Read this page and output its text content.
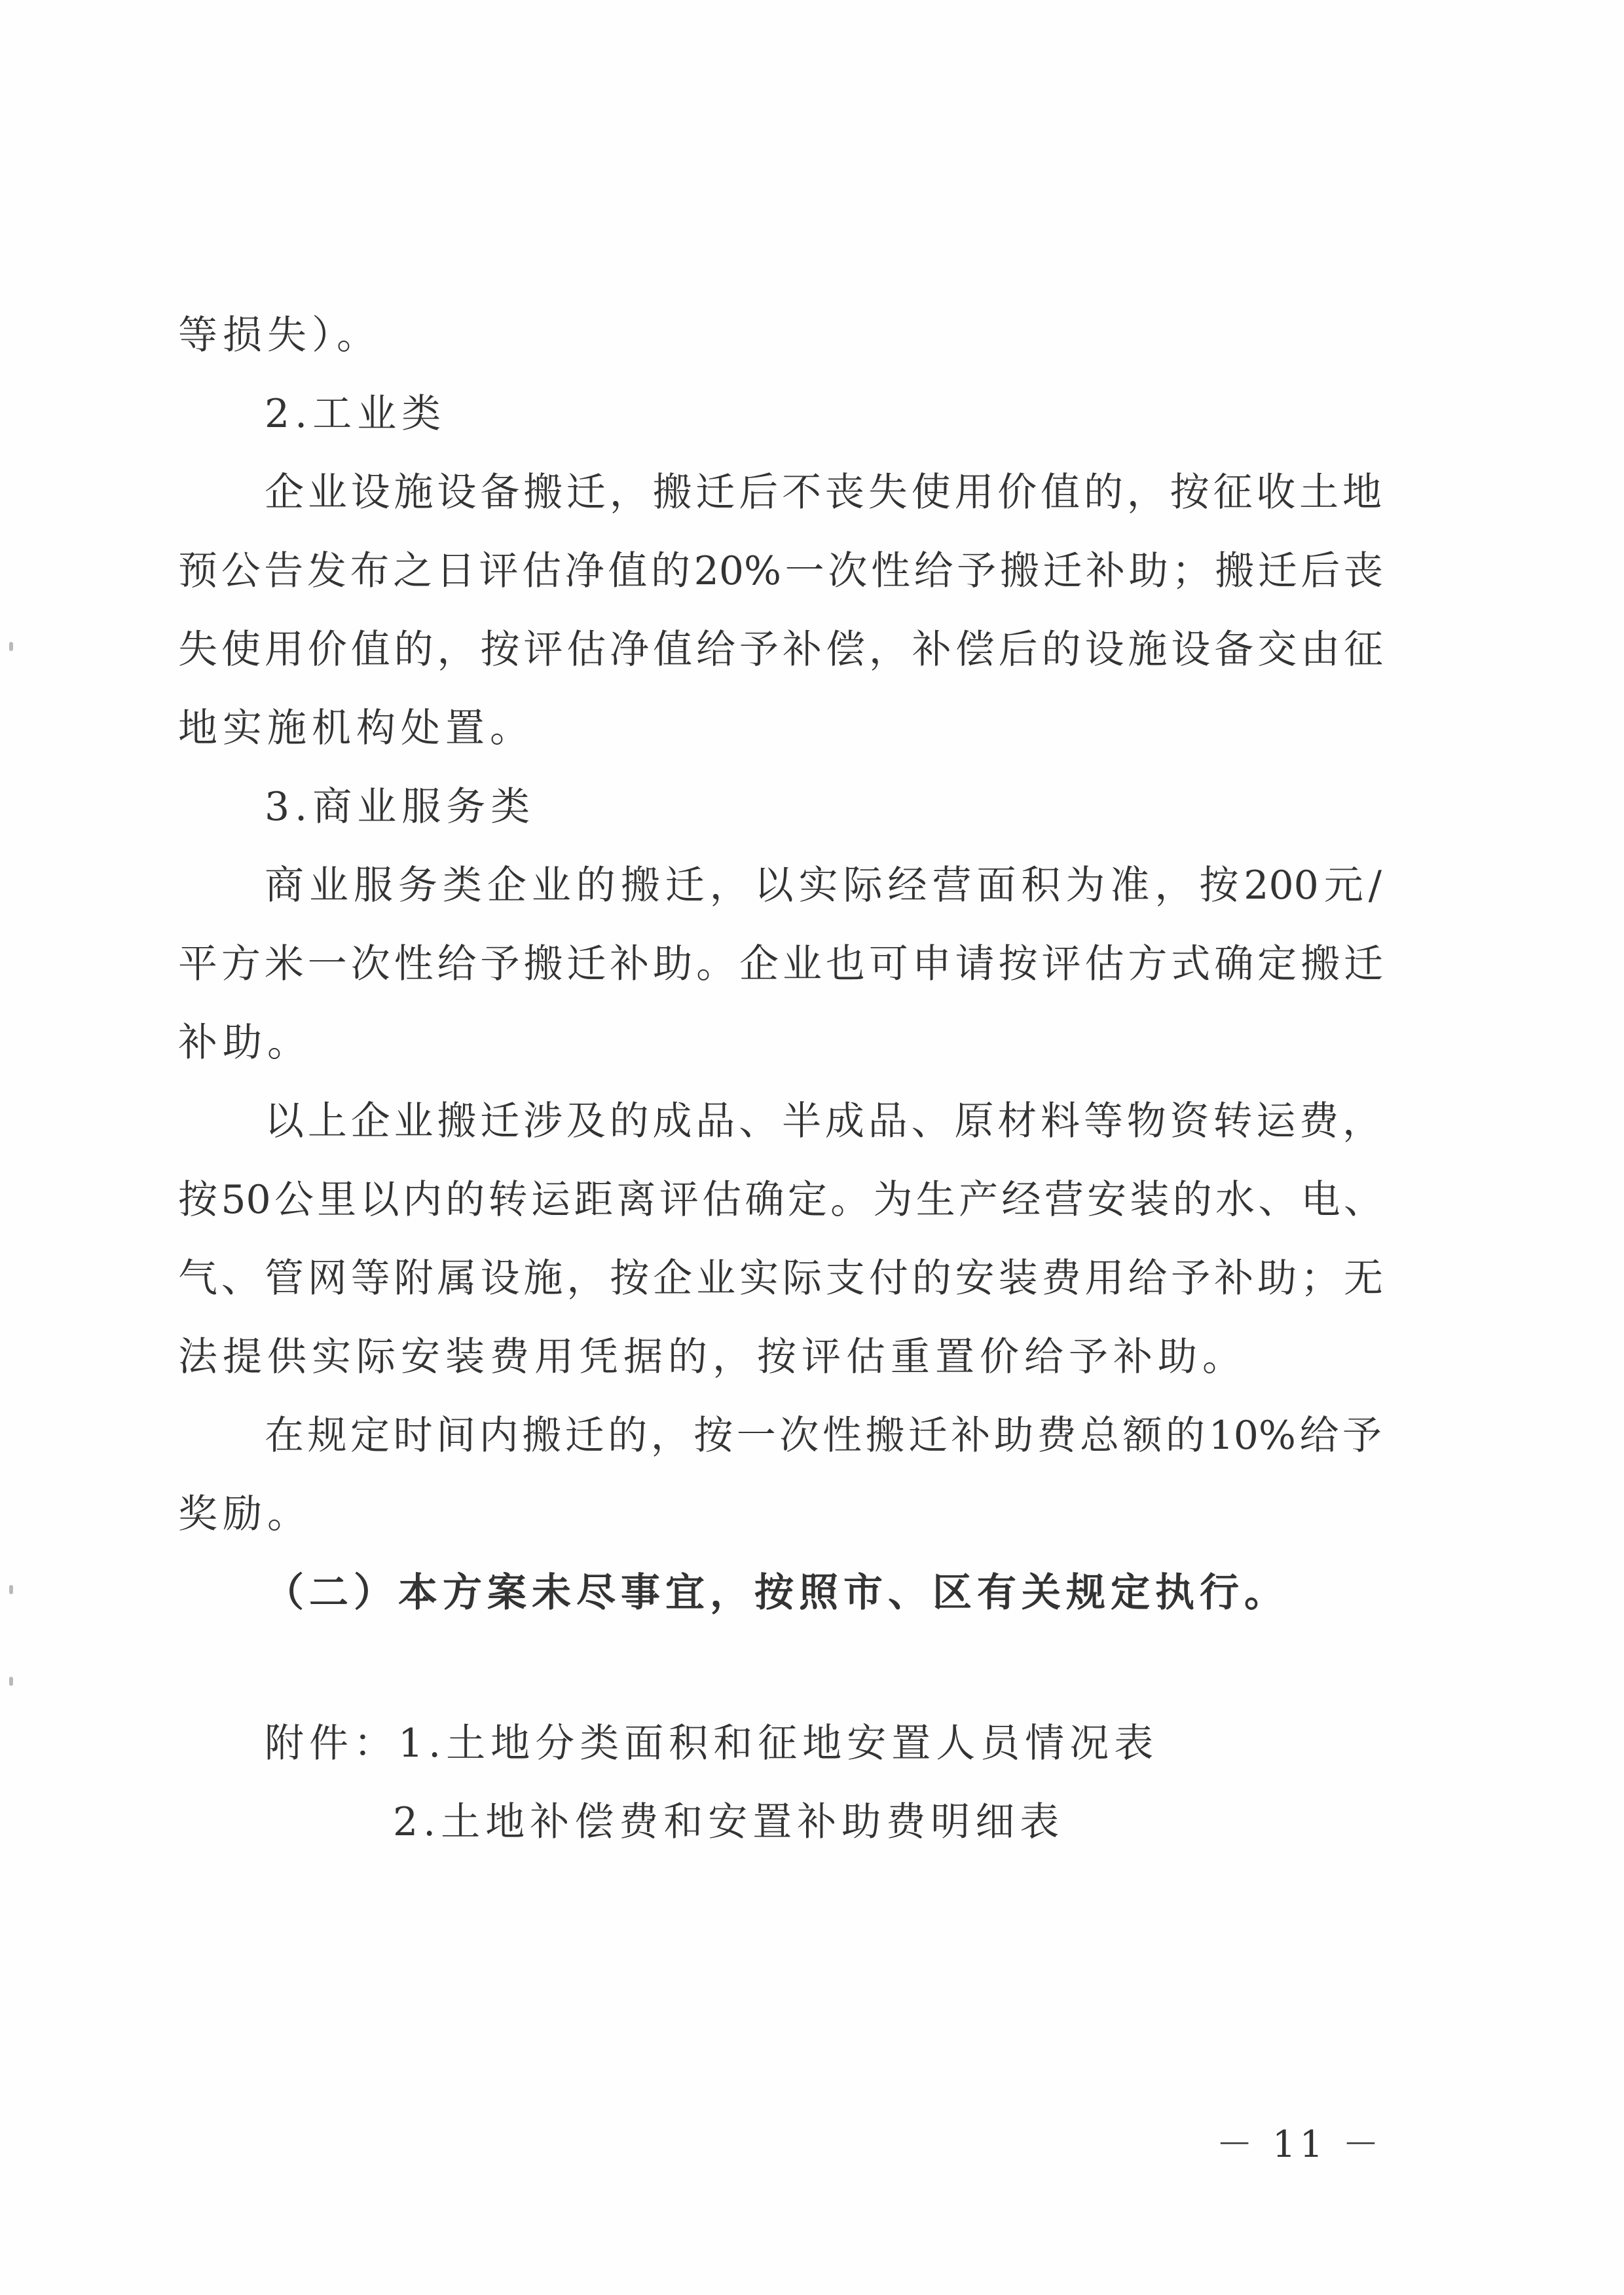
等损失）。
2.工业类
企业设施设备搬迁，搬迁后不丧失使用价值的，按征收土地
预公告发布之日评估净值的20%一次性给予搬迁补助；搬迁后丧
失使用价值的，按评估净值给予补偿，补偿后的设施设备交由征
地实施机构处置。
3.商业服务类
商业服务类企业的搬迁，以实际经营面积为准，按200元/
平方米一次性给予搬迁补助。企业也可申请按评估方式确定搬迁
补助。
以上企业搬迁涉及的成品、半成品、原材料等物资转运费，
按50公里以内的转运距离评估确定。为生产经营安装的水、电、
气、管网等附属设施，按企业实际支付的安装费用给予补助；无
法提供实际安装费用凭据的，按评估重置价给予补助。
在规定时间内搬迁的，按一次性搬迁补助费总额的10%给予
奖励。
（二）本方案未尽事宜，按照市、区有关规定执行。
附件：1.土地分类面积和征地安置人员情况表
2.土地补偿费和安置补助费明细表
－ 11 －
